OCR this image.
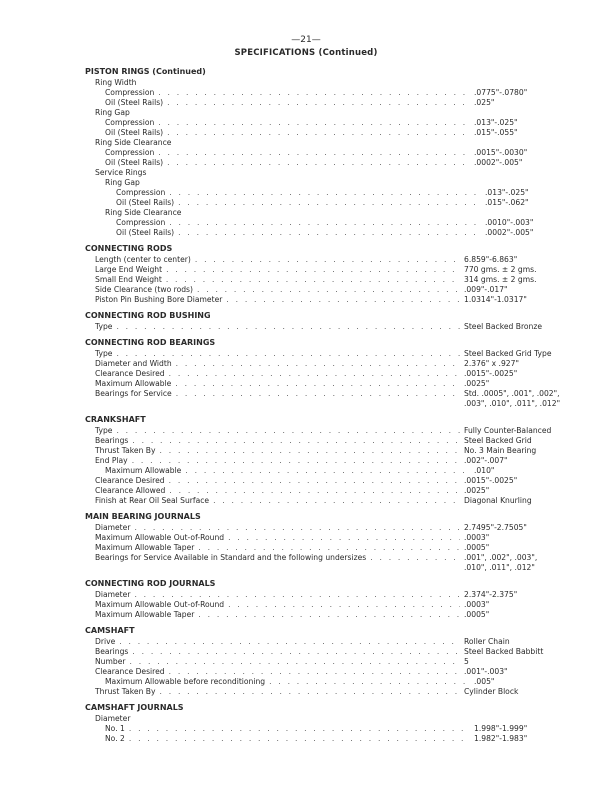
—21—
SPECIFICATIONS (Continued)
PISTON RINGS (Continued)
Ring Width
Compression . . .	.0775"-.0780"
Oil (Steel Rails) . . .	.025"
Ring Gap
Compression . . .	.013"-.025"
Oil (Steel Rails) . . .	.015"-.055"
Ring Side Clearance
Compression . . .	.0015"-.0030"
Oil (Steel Rails) . . .	.0002"-.005"
Service Rings
Ring Gap
Compression . . .	.013"-.025"
Oil (Steel Rails) . . .	.015"-.062"
Ring Side Clearance
Compression . . .	.0010"-.003"
Oil (Steel Rails) . . .	.0002"-.005"
CONNECTING RODS
Length (center to center) . . .	6.859"-6.863"
Large End Weight . . .	770 gms. ± 2 gms.
Small End Weight . . .	314 gms. ± 2 gms.
Side Clearance (two rods) . . .	.009"-.017"
Piston Pin Bushing Bore Diameter . . .	1.0314"-1.0317"
CONNECTING ROD BUSHING
Type . . .	Steel Backed Bronze
CONNECTING ROD BEARINGS
Type . . .	Steel Backed Grid Type
Diameter and Width . . .	2.376" x .927"
Clearance Desired . . .	.0015"-.0025"
Maximum Allowable . . .	.0025"
Bearings for Service . . .	Std. .0005", .001", .002",
.003", .010", .011", .012"
CRANKSHAFT
Type . . .	Fully Counter-Balanced
Bearings . . .	Steel Backed Grid
Thrust Taken By . . .	No. 3 Main Bearing
End Play . . .	.002"-.007"
Maximum Allowable . . .	.010"
Clearance Desired . . .	.0015"-.0025"
Clearance Allowed . . .	.0025"
Finish at Rear Oil Seal Surface . . .	Diagonal Knurling
MAIN BEARING JOURNALS
Diameter . . .	2.7495"-2.7505"
Maximum Allowable Out-of-Round . . .	.0003"
Maximum Allowable Taper . . .	.0005"
Bearings for Service Available in Standard and the following undersizes . . .	.001", .002", .003",
.010", .011", .012"
CONNECTING ROD JOURNALS
Diameter . . .	2.374"-2.375"
Maximum Allowable Out-of-Round . . .	.0003"
Maximum Allowable Taper . . .	.0005"
CAMSHAFT
Drive . . .	Roller Chain
Bearings . . .	Steel Backed Babbitt
Number . . .	5
Clearance Desired . . .	.001"-.003"
Maximum Allowable before reconditioning . . .	.005"
Thrust Taken By . . .	Cylinder Block
CAMSHAFT JOURNALS
Diameter
No. 1 . . .	1.998"-1.999"
No. 2 . . .	1.982"-1.983"
